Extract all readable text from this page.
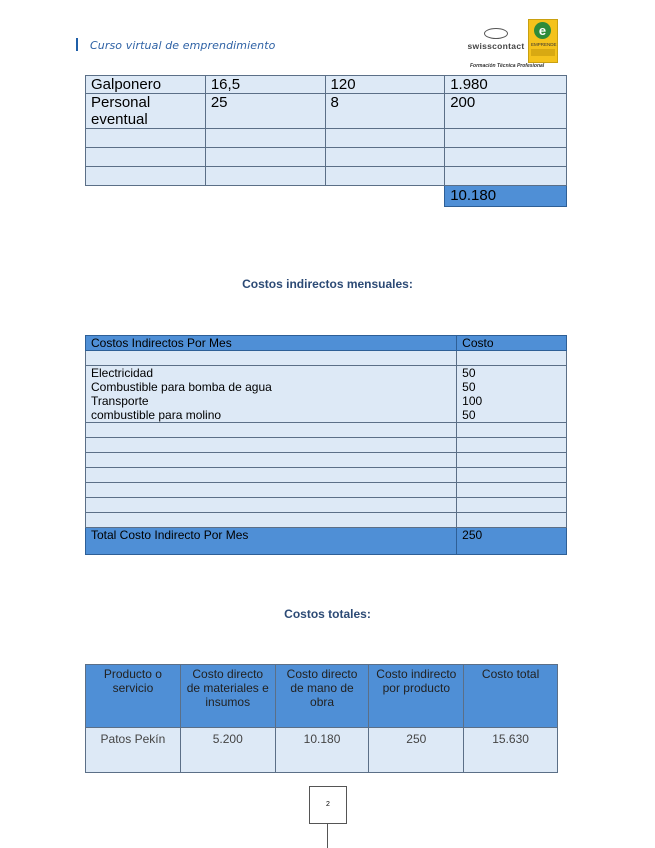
Curso virtual de emprendimiento	swisscontact
e
EMPRENDE
Formación Técnica Profesional
Galponero	16,5	120	1.980
Personal eventual	25	8	200

			10.180
Costos indirectos mensuales:
Costos Indirectos Por Mes	Costo

Electricidad	50
Combustible para bomba de agua	50
Transporte	100
combustible para molino	50

Total Costo Indirecto Por Mes	250
Costos totales:
Producto o servicio	Costo directo de materiales e insumos	Costo directo de mano de obra	Costo indirecto por producto	Costo total
Patos Pekín	5.200	10.180	250	15.630
2
